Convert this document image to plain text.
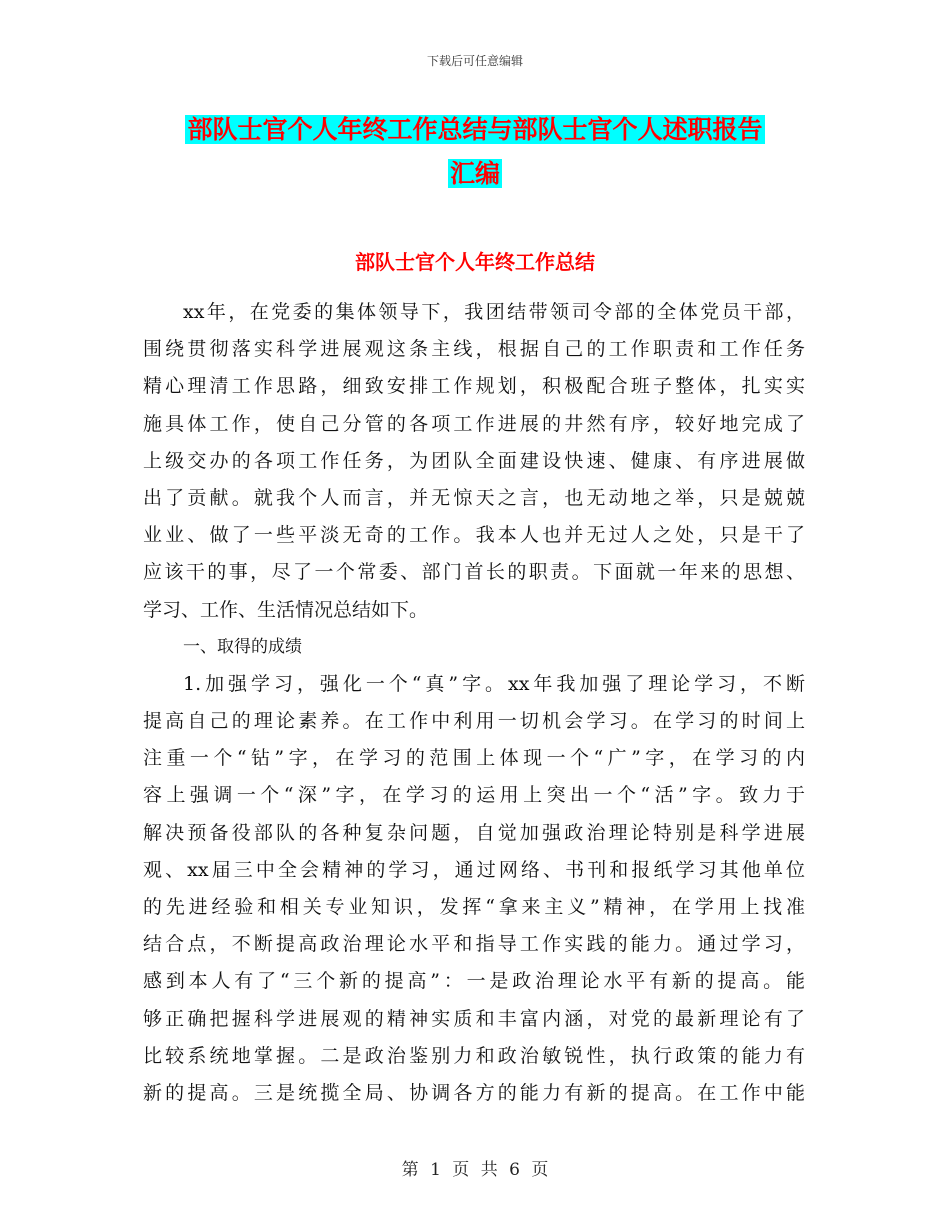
下载后可任意编辑
部队士官个人年终工作总结与部队士官个人述职报告
汇编
部队士官个人年终工作总结
xx年，在党委的集体领导下，我团结带领司令部的全体党员干部，
围绕贯彻落实科学进展观这条主线，根据自己的工作职责和工作任务
精心理清工作思路，细致安排工作规划，积极配合班子整体，扎实实
施具体工作，使自己分管的各项工作进展的井然有序，较好地完成了
上级交办的各项工作任务，为团队全面建设快速、健康、有序进展做
出了贡献。就我个人而言，并无惊天之言，也无动地之举，只是兢兢
业业、做了一些平淡无奇的工作。我本人也并无过人之处，只是干了
应该干的事，尽了一个常委、部门首长的职责。下面就一年来的思想、
学习、工作、生活情况总结如下。
一、取得的成绩
1.加强学习，强化一个“真”字。xx年我加强了理论学习，不断
提高自己的理论素养。在工作中利用一切机会学习。在学习的时间上
注重一个“钻”字，在学习的范围上体现一个“广”字，在学习的内
容上强调一个“深”字，在学习的运用上突出一个“活”字。致力于
解决预备役部队的各种复杂问题，自觉加强政治理论特别是科学进展
观、xx届三中全会精神的学习，通过网络、书刊和报纸学习其他单位
的先进经验和相关专业知识，发挥“拿来主义”精神，在学用上找准
结合点，不断提高政治理论水平和指导工作实践的能力。通过学习，
感到本人有了“三个新的提高”：一是政治理论水平有新的提高。能
够正确把握科学进展观的精神实质和丰富内涵，对党的最新理论有了
比较系统地掌握。二是政治鉴别力和政治敏锐性，执行政策的能力有
新的提高。三是统揽全局、协调各方的能力有新的提高。在工作中能
第 1 页 共 6 页
